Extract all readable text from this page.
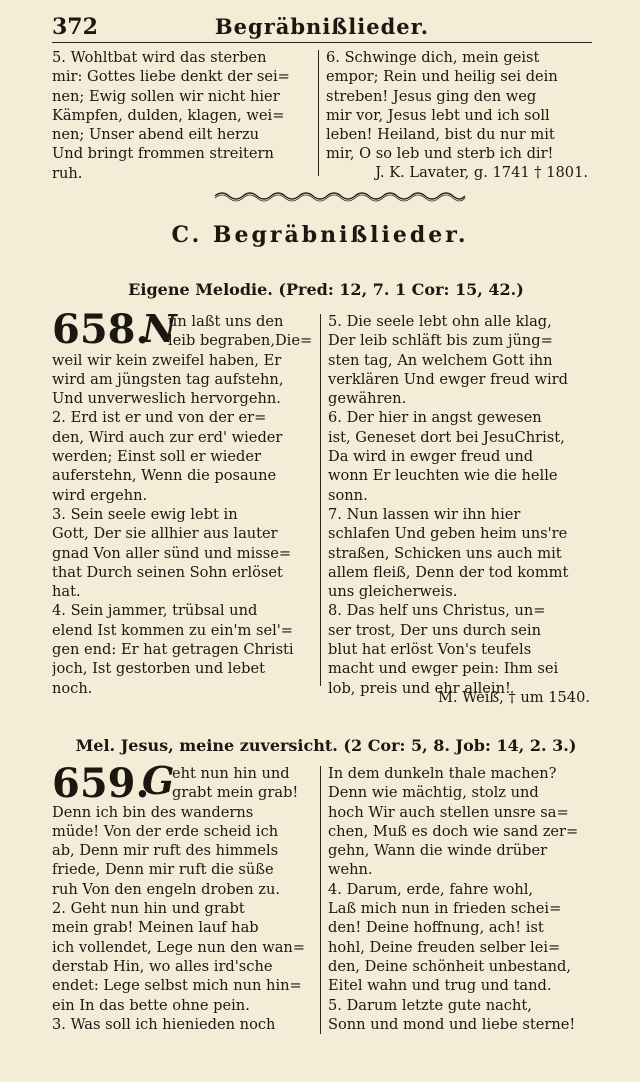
372	Begräbnißlieder.
5. Wohltbat wird das sterben
mir: Gottes liebe denkt der sei=
nen; Ewig sollen wir nicht hier
Kämpfen, dulden, klagen, wei=
nen; Unser abend eilt herzu
Und bringt frommen streitern
ruh.
6. Schwinge dich, mein geist
empor; Rein und heilig sei dein
streben! Jesus ging den weg
mir vor, Jesus lebt und ich soll
leben! Heiland, bist du nur mit
mir, O so leb und sterb ich dir!
J. K. Lavater, g. 1741 † 1801.
C. Begräbnißlieder.
Eigene Melodie. (Pred: 12, 7. 1 Cor: 15, 42.)
658.
N
un laßt uns den
leib begraben,Die=
weil wir kein zweifel haben, Er
wird am jüngsten tag aufstehn,
Und unverweslich hervorgehn.
2. Erd ist er und von der er=
den, Wird auch zur erd' wieder
werden; Einst soll er wieder
auferstehn, Wenn die posaune
wird ergehn.
3. Sein seele ewig lebt in
Gott, Der sie allhier aus lauter
gnad Von aller sünd und misse=
that Durch seinen Sohn erlöset
hat.
4. Sein jammer, trübsal und
elend Ist kommen zu ein'm sel'=
gen end: Er hat getragen Christi
joch, Ist gestorben und lebet
noch.
5. Die seele lebt ohn alle klag,
Der leib schläft bis zum jüng=
sten tag, An welchem Gott ihn
verklären Und ewger freud wird
gewähren.
6. Der hier in angst gewesen
ist, Geneset dort bei JesuChrist,
Da wird in ewger freud und
wonn Er leuchten wie die helle
sonn.
7. Nun lassen wir ihn hier
schlafen Und geben heim uns're
straßen, Schicken uns auch mit
allem fleiß, Denn der tod kommt
uns gleicherweis.
8. Das helf uns Christus, un=
ser trost, Der uns durch sein
blut hat erlöst Von's teufels
macht und ewger pein: Ihm sei
lob, preis und ehr allein!
M. Weiß, † um 1540.
Mel. Jesus, meine zuversicht. (2 Cor: 5, 8. Job: 14, 2. 3.)
659.
G
eht nun hin und
grabt mein grab!
Denn ich bin des wanderns
müde! Von der erde scheid ich
ab, Denn mir ruft des himmels
friede, Denn mir ruft die süße
ruh Von den engeln droben zu.
2. Geht nun hin und grabt
mein grab! Meinen lauf hab
ich vollendet, Lege nun den wan=
derstab Hin, wo alles ird'sche
endet: Lege selbst mich nun hin=
ein In das bette ohne pein.
3. Was soll ich hienieden noch
In dem dunkeln thale machen?
Denn wie mächtig, stolz und
hoch Wir auch stellen unsre sa=
chen, Muß es doch wie sand zer=
gehn, Wann die winde drüber
wehn.
4. Darum, erde, fahre wohl,
Laß mich nun in frieden schei=
den! Deine hoffnung, ach! ist
hohl, Deine freuden selber lei=
den, Deine schönheit unbestand,
Eitel wahn und trug und tand.
5. Darum letzte gute nacht,
Sonn und mond und liebe sterne!
